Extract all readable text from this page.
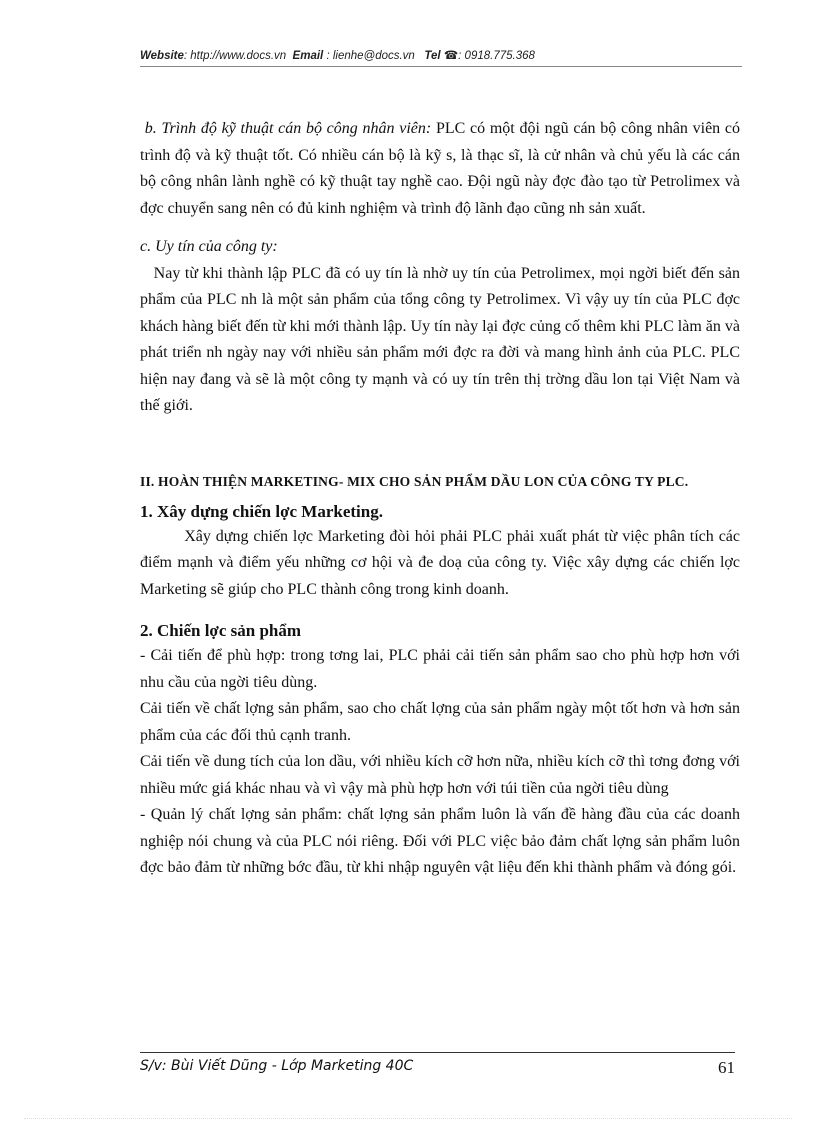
Website: http://www.docs.vn Email : lienhe@docs.vn Tel ☎: 0918.775.368

b. Trình độ kỹ thuật cán bộ công nhân viên: PLC có một đội ngũ cán bộ công nhân viên có trình độ và kỹ thuật tốt. Có nhiều cán bộ là kỹ s, là thạc sĩ, là cử nhân và chủ yếu là các cán bộ công nhân lành nghề có kỹ thuật tay nghề cao. Đội ngũ này đợc đào tạo từ Petrolimex và đợc chuyển sang nên có đủ kinh nghiệm và trình độ lãnh đạo cũng nh sản xuất.

c. Uy tín của công ty:

Nay từ khi thành lập PLC đã có uy tín là nhờ uy tín của Petrolimex, mọi ngời biết đến sản phẩm của PLC nh là một sản phẩm của tổng công ty Petrolimex. Vì vậy uy tín của PLC đợc khách hàng biết đến từ khi mới thành lập. Uy tín này lại đợc củng cố thêm khi PLC làm ăn và phát triển nh ngày nay với nhiều sản phẩm mới đợc ra đời và mang hình ảnh của PLC. PLC hiện nay đang và sẽ là một công ty mạnh và có uy tín trên thị trờng dầu lon tại Việt Nam và thế giới.

II. HOÀN THIỆN MARKETING- MIX CHO SẢN PHẨM DẦU LON CỦA CÔNG TY PLC.

1. Xây dựng chiến lợc Marketing.

Xây dựng chiến lợc Marketing đòi hỏi phải PLC phải xuất phát từ việc phân tích các điểm mạnh và điểm yếu những cơ hội và đe doạ của công ty. Việc xây dựng các chiến lợc Marketing sẽ giúp cho PLC thành công trong kinh doanh.

2. Chiến lợc sản phẩm

- Cải tiến để phù hợp: trong tơng lai, PLC phải cải tiến sản phẩm sao cho phù hợp hơn với nhu cầu của ngời tiêu dùng.

Cải tiến về chất lợng sản phẩm, sao cho chất lợng của sản phẩm ngày một tốt hơn và hơn sản phẩm của các đối thủ cạnh tranh.

Cải tiến về dung tích của lon dầu, với nhiều kích cỡ hơn nữa, nhiều kích cỡ thì tơng đơng với nhiều mức giá khác nhau và vì vậy mà phù hợp hơn với túi tiền của ngời tiêu dùng

- Quản lý chất lợng sản phẩm: chất lợng sản phẩm luôn là vấn đề hàng đầu của các doanh nghiệp nói chung và của PLC nói riêng. Đối với PLC việc bảo đảm chất lợng sản phẩm luôn đợc bảo đảm từ những bớc đầu, từ khi nhập nguyên vật liệu đến khi thành phẩm và đóng gói.

S/v: Bùi Viết Dũng - Lớp Marketing 40C	61
